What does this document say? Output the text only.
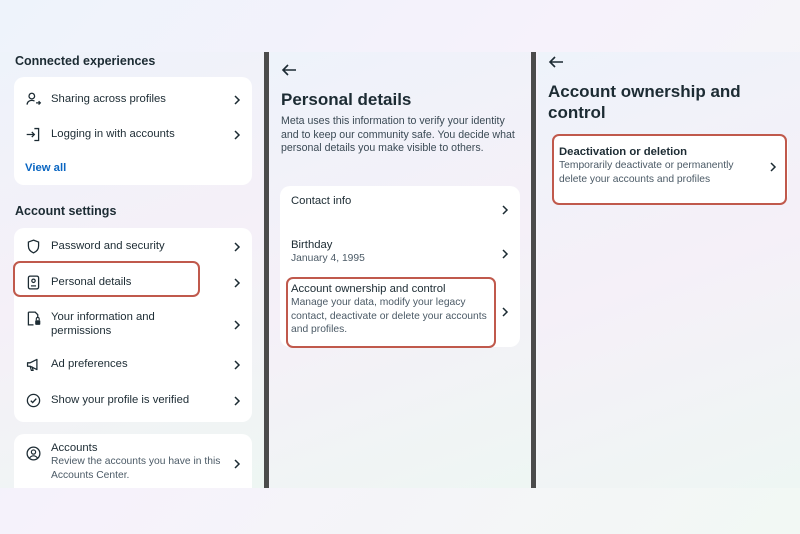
Connected experiences
Sharing across profiles
Logging in with accounts
View all
Account settings
Password and security
Personal details
Your information and permissions
Ad preferences
Show your profile is verified
Accounts
Review the accounts you have in this Accounts Center.
Personal details
Meta uses this information to verify your identity and to keep our community safe. You decide what personal details you make visible to others.
Contact info
Birthday
January 4, 1995
Account ownership and control
Manage your data, modify your legacy contact, deactivate or delete your accounts and profiles.
Account ownership and control
Deactivation or deletion
Temporarily deactivate or permanently delete your accounts and profiles
